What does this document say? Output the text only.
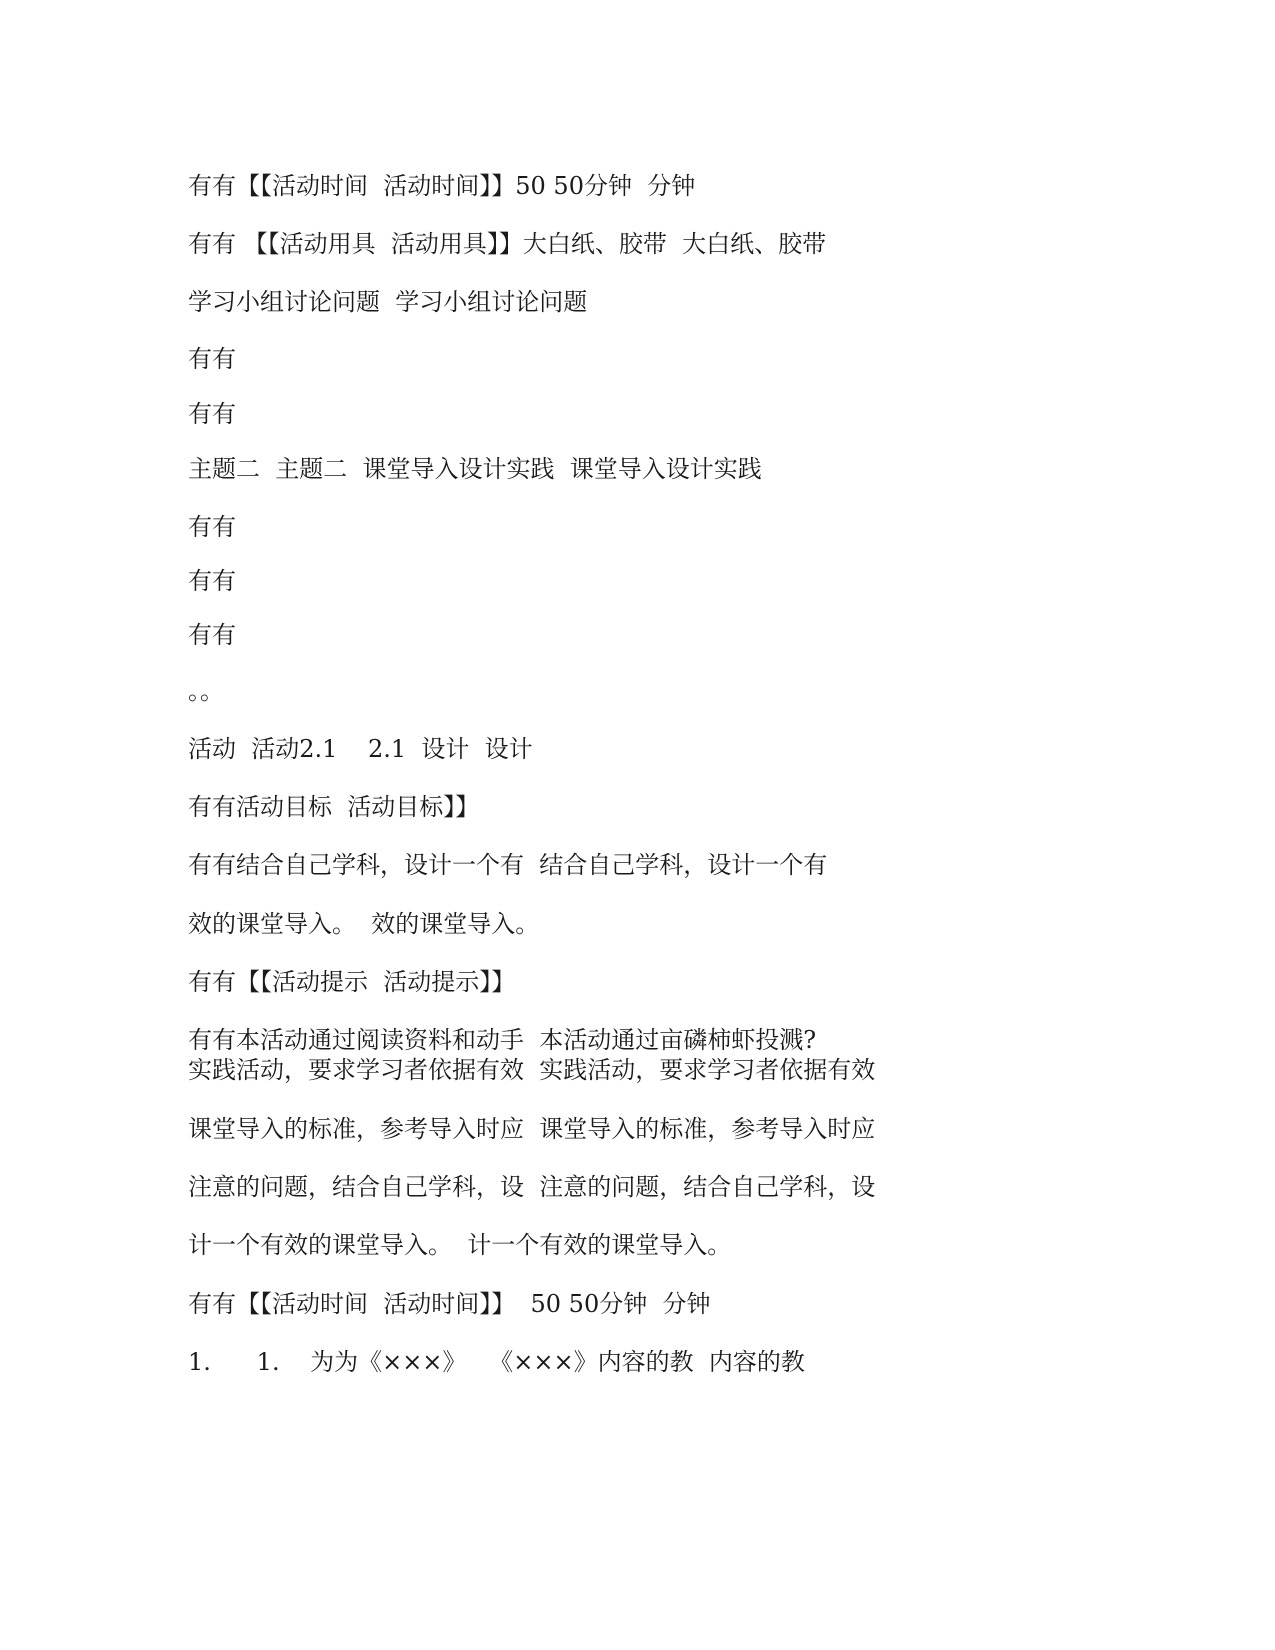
有有【【活动时间  活动时间】】50 50分钟  分钟
有有 【【活动用具  活动用具】】大白纸、胶带  大白纸、胶带
学习小组讨论问题  学习小组讨论问题
有有
有有
主题二  主题二  课堂导入设计实践  课堂导入设计实践
有有
有有
有有
。。
活动  活动2.1    2.1  设计  设计
有有活动目标  活动目标】】
有有结合自己学科，设计一个有  结合自己学科，设计一个有
效的课堂导入。  效的课堂导入。
有有【【活动提示  活动提示】】
有有本活动通过阅读资料和动手  本活动通过亩磷柿虾投溅?
实践活动，要求学习者依据有效  实践活动，要求学习者依据有效
课堂导入的标准，参考导入时应  课堂导入的标准，参考导入时应
注意的问题，结合自己学科，设  注意的问题，结合自己学科，设
计一个有效的课堂导入。  计一个有效的课堂导入。
有有【【活动时间  活动时间】】  50 50分钟  分钟
1.      1.    为为《×××》   《×××》内容的教  内容的教
